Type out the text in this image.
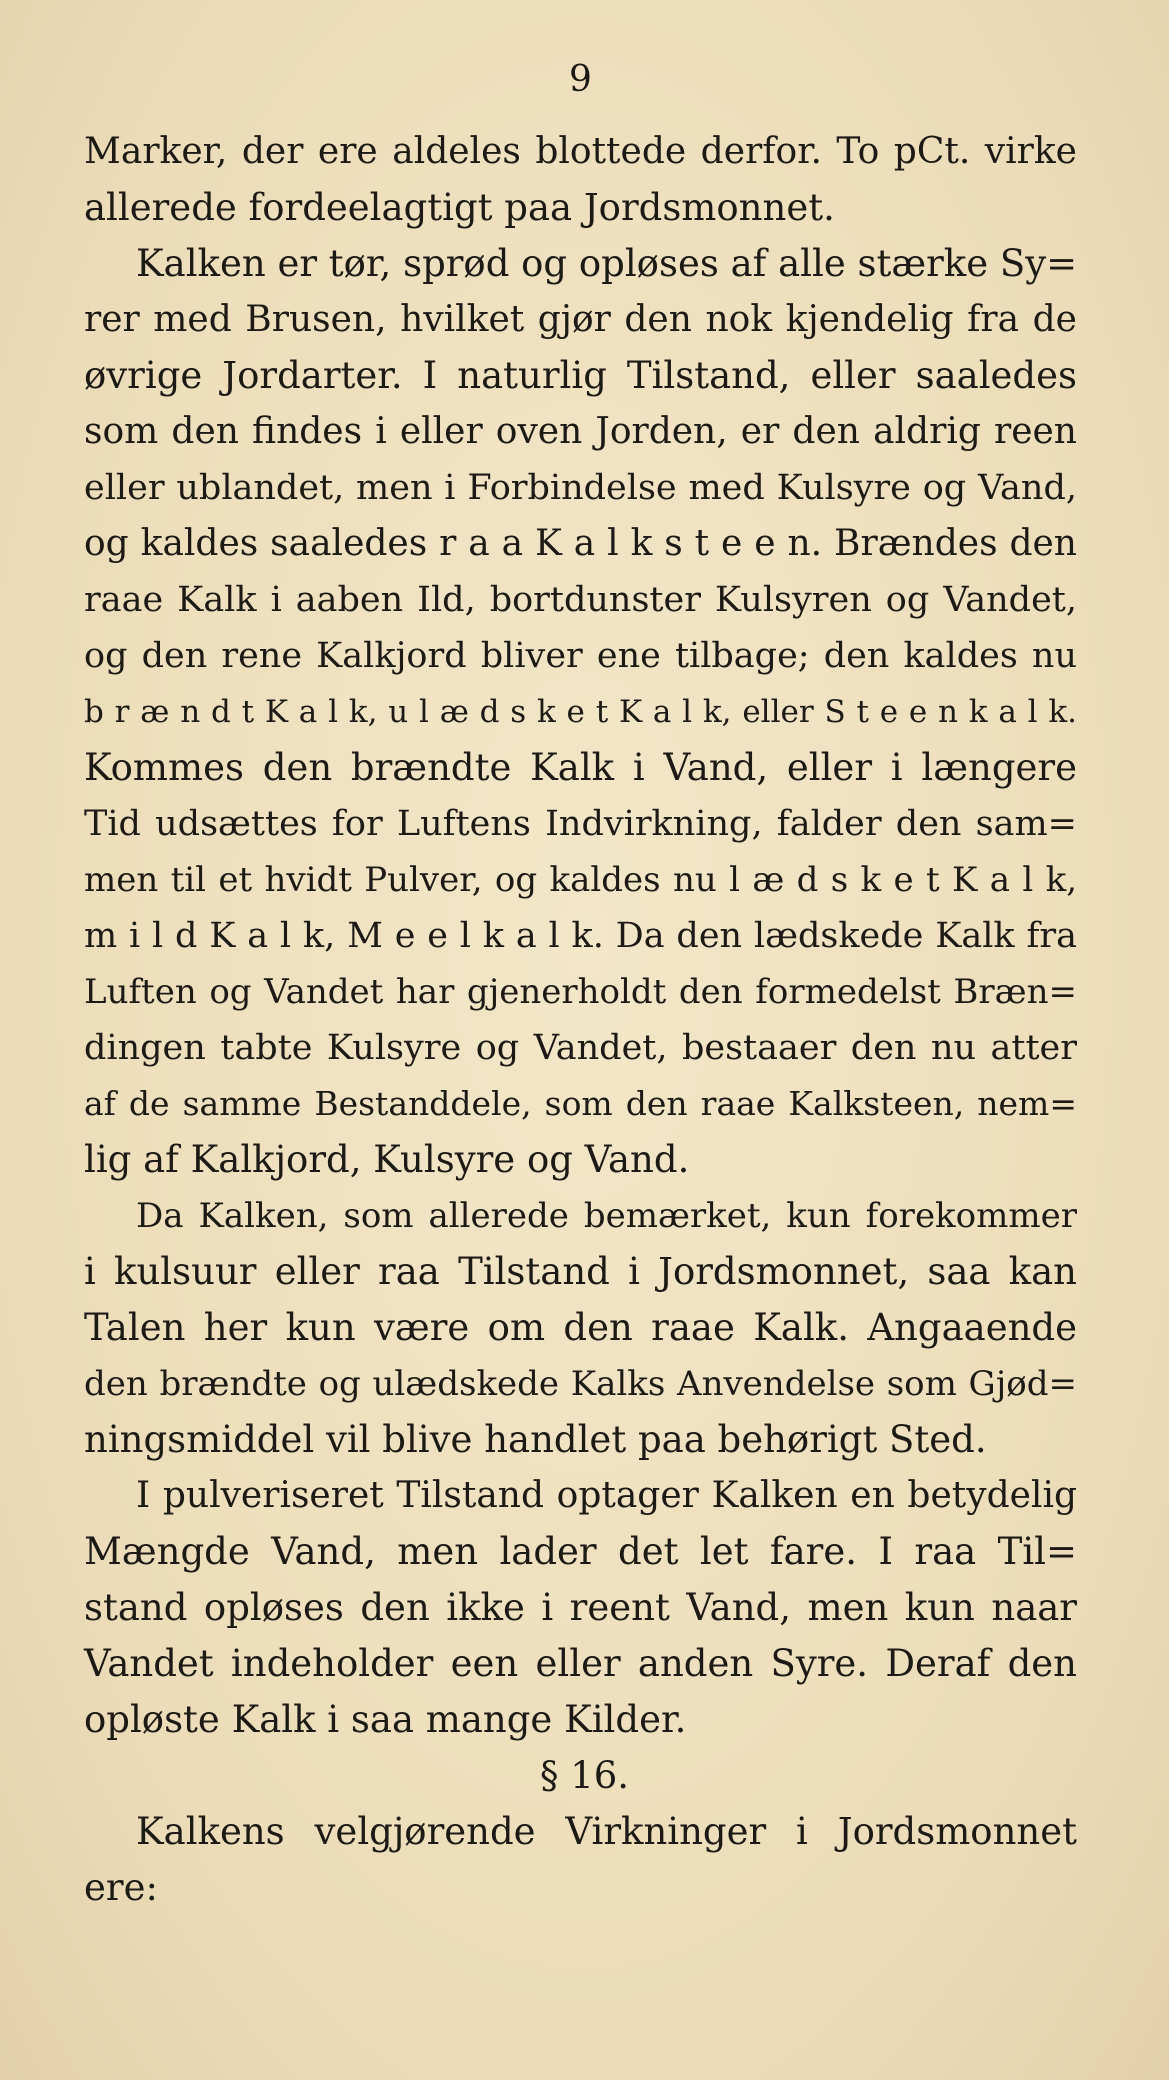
9
Marker, der ere aldeles blottede derfor. To pCt. virke
allerede fordeelagtigt paa Jordsmonnet.
Kalken er tør, sprød og opløses af alle stærke Sy=
rer med Brusen, hvilket gjør den nok kjendelig fra de
øvrige Jordarter. I naturlig Tilstand, eller saaledes
som den findes i eller oven Jorden, er den aldrig reen
eller ublandet, men i Forbindelse med Kulsyre og Vand,
og kaldes saaledes r a a K a l k s t e e n. Brændes den
raae Kalk i aaben Ild, bortdunster Kulsyren og Vandet,
og den rene Kalkjord bliver ene tilbage; den kaldes nu
b r æ n d t K a l k, u l æ d s k e t K a l k, eller S t e e n k a l k.
Kommes den brændte Kalk i Vand, eller i længere
Tid udsættes for Luftens Indvirkning, falder den sam=
men til et hvidt Pulver, og kaldes nu l æ d s k e t K a l k,
m i l d K a l k, M e e l k a l k. Da den lædskede Kalk fra
Luften og Vandet har gjenerholdt den formedelst Bræn=
dingen tabte Kulsyre og Vandet, bestaaer den nu atter
af de samme Bestanddele, som den raae Kalksteen, nem=
lig af Kalkjord, Kulsyre og Vand.
Da Kalken, som allerede bemærket, kun forekommer
i kulsuur eller raa Tilstand i Jordsmonnet, saa kan
Talen her kun være om den raae Kalk. Angaaende
den brændte og ulædskede Kalks Anvendelse som Gjød=
ningsmiddel vil blive handlet paa behørigt Sted.
I pulveriseret Tilstand optager Kalken en betydelig
Mængde Vand, men lader det let fare. I raa Til=
stand opløses den ikke i reent Vand, men kun naar
Vandet indeholder een eller anden Syre. Deraf den
opløste Kalk i saa mange Kilder.
§ 16.
Kalkens velgjørende Virkninger i Jordsmonnet
ere:
